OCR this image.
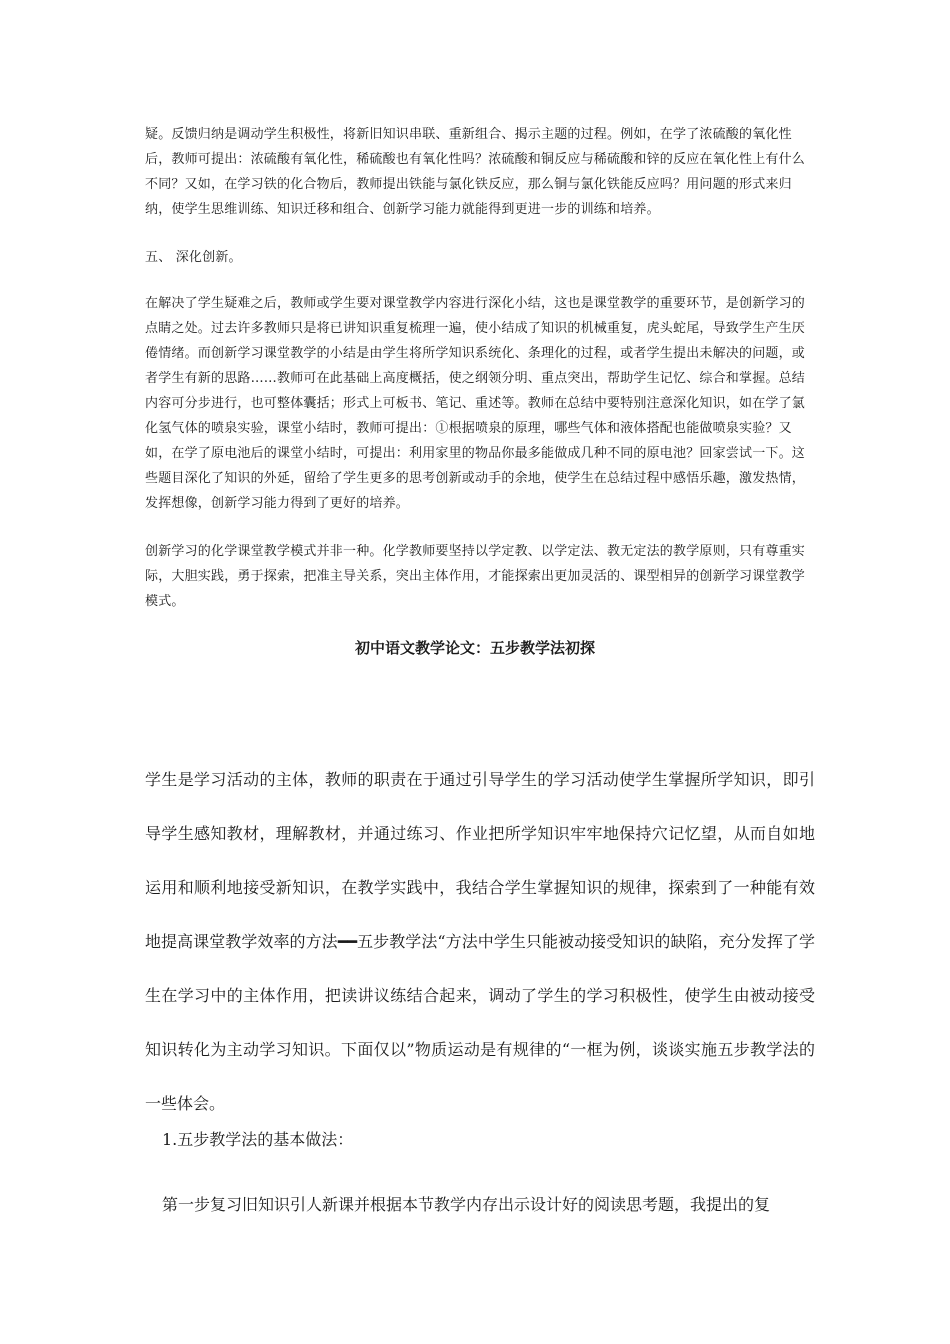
疑。反馈归纳是调动学生积极性，将新旧知识串联、重新组合、揭示主题的过程。例如，在学了浓硫酸的氧化性后，教师可提出：浓硫酸有氧化性，稀硫酸也有氧化性吗？浓硫酸和铜反应与稀硫酸和锌的反应在氧化性上有什么不同？又如，在学习铁的化合物后，教师提出铁能与氯化铁反应，那么铜与氯化铁能反应吗？用问题的形式来归纳，使学生思维训练、知识迁移和组合、创新学习能力就能得到更进一步的训练和培养。

五、 深化创新。

在解决了学生疑难之后，教师或学生要对课堂教学内容进行深化小结，这也是课堂教学的重要环节，是创新学习的点睛之处。过去许多教师只是将已讲知识重复梳理一遍，使小结成了知识的机械重复，虎头蛇尾，导致学生产生厌倦情绪。而创新学习课堂教学的小结是由学生将所学知识系统化、条理化的过程，或者学生提出未解决的问题，或者学生有新的思路……教师可在此基础上高度概括，使之纲领分明、重点突出，帮助学生记忆、综合和掌握。总结内容可分步进行，也可整体囊括；形式上可板书、笔记、重述等。教师在总结中要特别注意深化知识，如在学了氯化氢气体的喷泉实验，课堂小结时，教师可提出：①根据喷泉的原理，哪些气体和液体搭配也能做喷泉实验？又如，在学了原电池后的课堂小结时，可提出：利用家里的物品你最多能做成几种不同的原电池？回家尝试一下。这些题目深化了知识的外延，留给了学生更多的思考创新或动手的余地，使学生在总结过程中感悟乐趣，激发热情，发挥想像，创新学习能力得到了更好的培养。

创新学习的化学课堂教学模式并非一种。化学教师要坚持以学定教、以学定法、教无定法的教学原则，只有尊重实际，大胆实践，勇于探索，把准主导关系，突出主体作用，才能探索出更加灵活的、课型相异的创新学习课堂教学模式。

初中语文教学论文：五步教学法初探

学生是学习活动的主体，教师的职责在于通过引导学生的学习活动使学生掌握所学知识，即引导学生感知教材，理解教材，并通过练习、作业把所学知识牢牢地保持穴记忆望，从而自如地运用和顺利地接受新知识，在教学实践中，我结合学生掌握知识的规律，探索到了一种能有效地提高课堂教学效率的方法━━五步教学法“方法中学生只能被动接受知识的缺陷，充分发挥了学生在学习中的主体作用，把读讲议练结合起来，调动了学生的学习积极性，使学生由被动接受知识转化为主动学习知识。下面仅以”物质运动是有规律的“一框为例，谈谈实施五步教学法的一些体会。

1.五步教学法的基本做法：

第一步复习旧知识引人新课并根据本节教学内存出示设计好的阅读思考题，我提出的复
